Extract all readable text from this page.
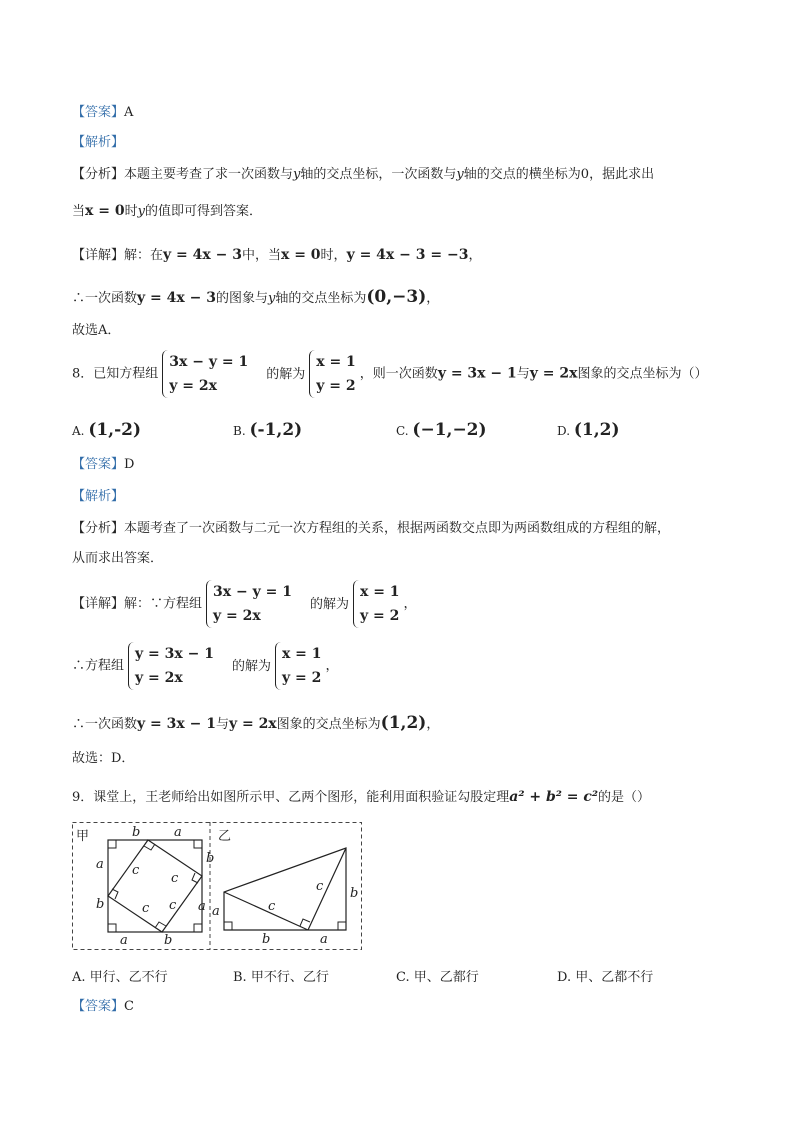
【答案】A
【解析】
【分析】本题主要考查了求一次函数与y轴的交点坐标，一次函数与y轴的交点的横坐标为0，据此求出
当x = 0时y的值即可得到答案．
【详解】解：在y = 4x − 3中，当x = 0时，y = 4x − 3 = −3，
∴一次函数y = 4x − 3的图象与y轴的交点坐标为(0,−3)，
故选A．
8．已知方程组
3x − y = 1
y = 2x
的解为
x = 1
y = 2
，则一次函数y = 3x − 1与y = 2x图象的交点坐标为（）
A. (1,-2)	B. (-1,2)	C. (−1,−2)	D. (1,2)
【答案】D
【解析】
【分析】本题考查了一次函数与二元一次方程组的关系，根据两函数交点即为两函数组成的方程组的解，
从而求出答案．
【详解】解：∵方程组
3x − y = 1
y = 2x
的解为
x = 1
y = 2
，
∴方程组
y = 3x − 1
y = 2x
的解为
x = 1
y = 2
，
∴一次函数y = 3x − 1与y = 2x图象的交点坐标为(1,2)，
故选：D．
9．课堂上，王老师给出如图所示甲、乙两个图形，能利用面积验证勾股定理a² + b² = c²的是（）
甲	乙
b	a
a
b
b
a
a	b
c
c
c c	a
b	a
b
c
c
A. 甲行、乙不行	B. 甲不行、乙行	C. 甲、乙都行	D. 甲、乙都不行
【答案】C
